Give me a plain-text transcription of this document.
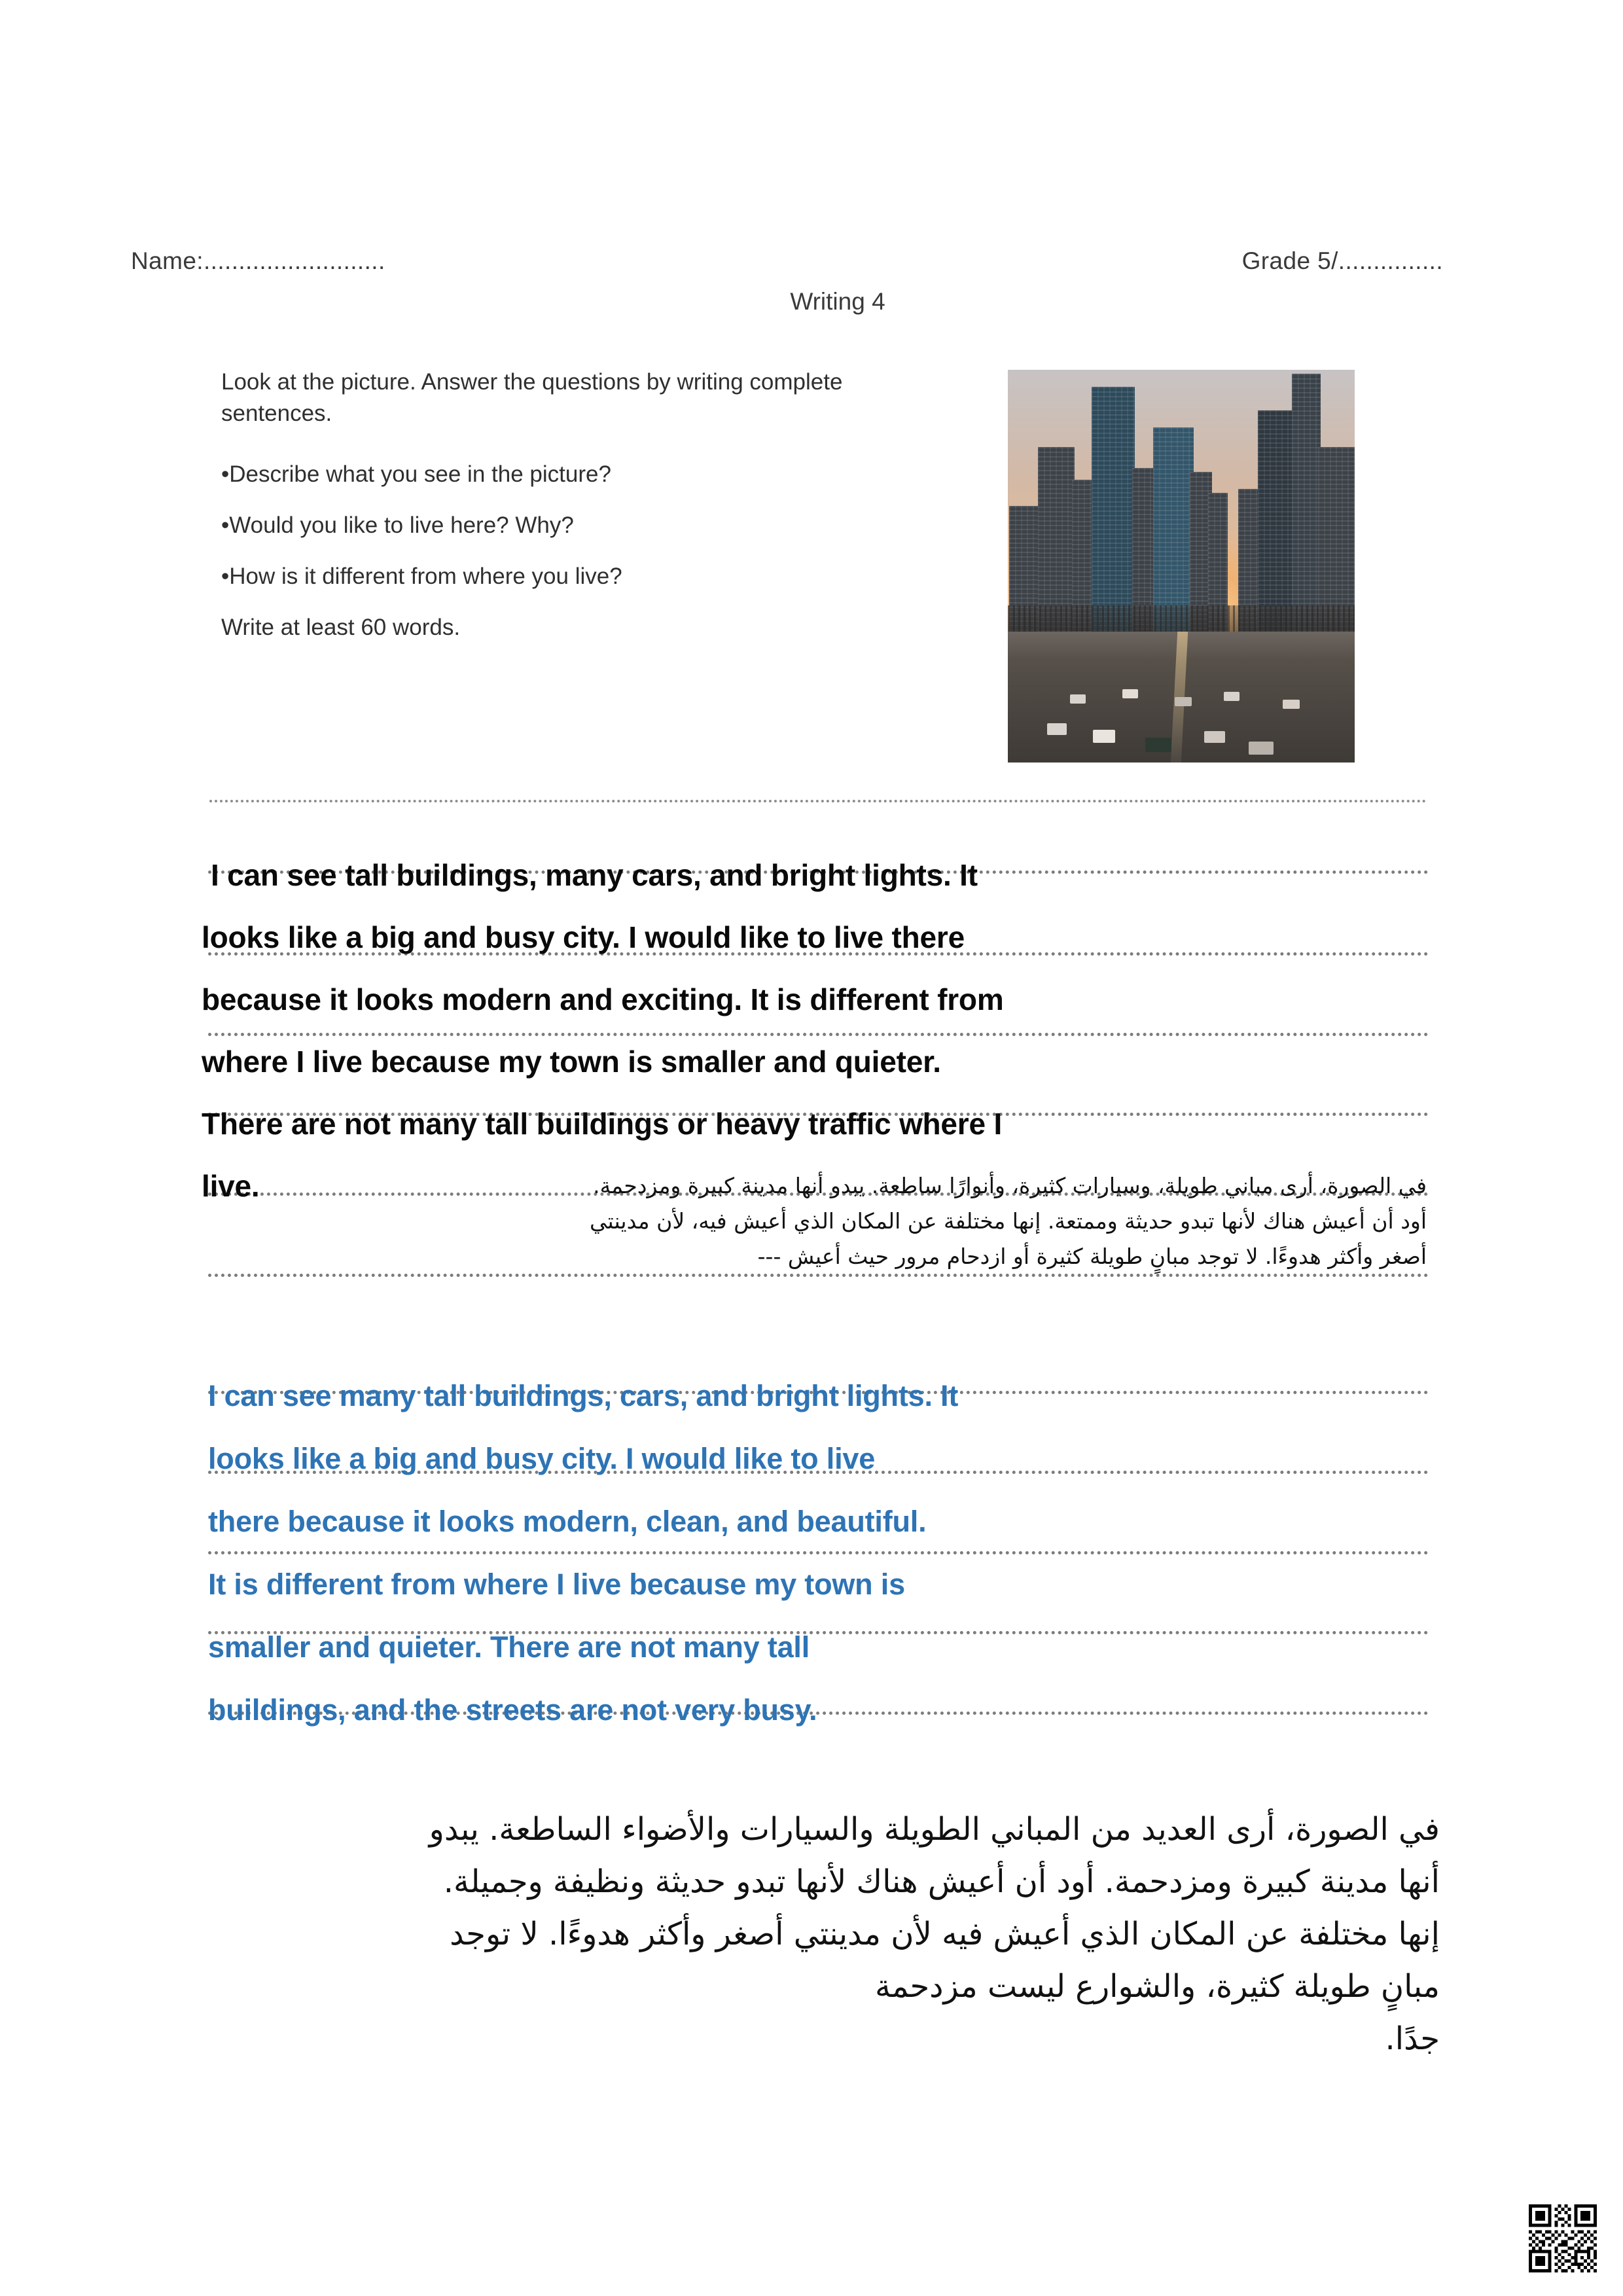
Name:..........................	Grade 5/...............
Writing 4

Look at the picture. Answer the questions by writing complete sentences.

•Describe what you see in the picture?

•Would you like to live here? Why?

•How is it different from where you live?

Write at least 60 words.

I can see tall buildings, many cars, and bright lights. It
looks like a big and busy city. I would like to live there
because it looks modern and exciting. It is different from
where I live because my town is smaller and quieter.
There are not many tall buildings or heavy traffic where I
live.	في الصورة، أرى مباني طويلة، وسيارات كثيرة، وأنوارًا ساطعة. يبدو أنها مدينة كبيرة ومزدحمة.
أود أن أعيش هناك لأنها تبدو حديثة وممتعة. إنها مختلفة عن المكان الذي أعيش فيه، لأن مدينتي
أصغر وأكثر هدوءًا. لا توجد مبانٍ طويلة كثيرة أو ازدحام مرور حيث أعيش ---
I can see many tall buildings, cars, and bright lights. It
looks like a big and busy city. I would like to live
there because it looks modern, clean, and beautiful.
It is different from where I live because my town is
smaller and quieter. There are not many tall
buildings, and the streets are not very busy.
في الصورة، أرى العديد من المباني الطويلة والسيارات والأضواء الساطعة. يبدو
أنها مدينة كبيرة ومزدحمة. أود أن أعيش هناك لأنها تبدو حديثة ونظيفة وجميلة.
إنها مختلفة عن المكان الذي أعيش فيه لأن مدينتي أصغر وأكثر هدوءًا. لا توجد
مبانٍ طويلة كثيرة، والشوارع ليست مزدحمة جدًا.
